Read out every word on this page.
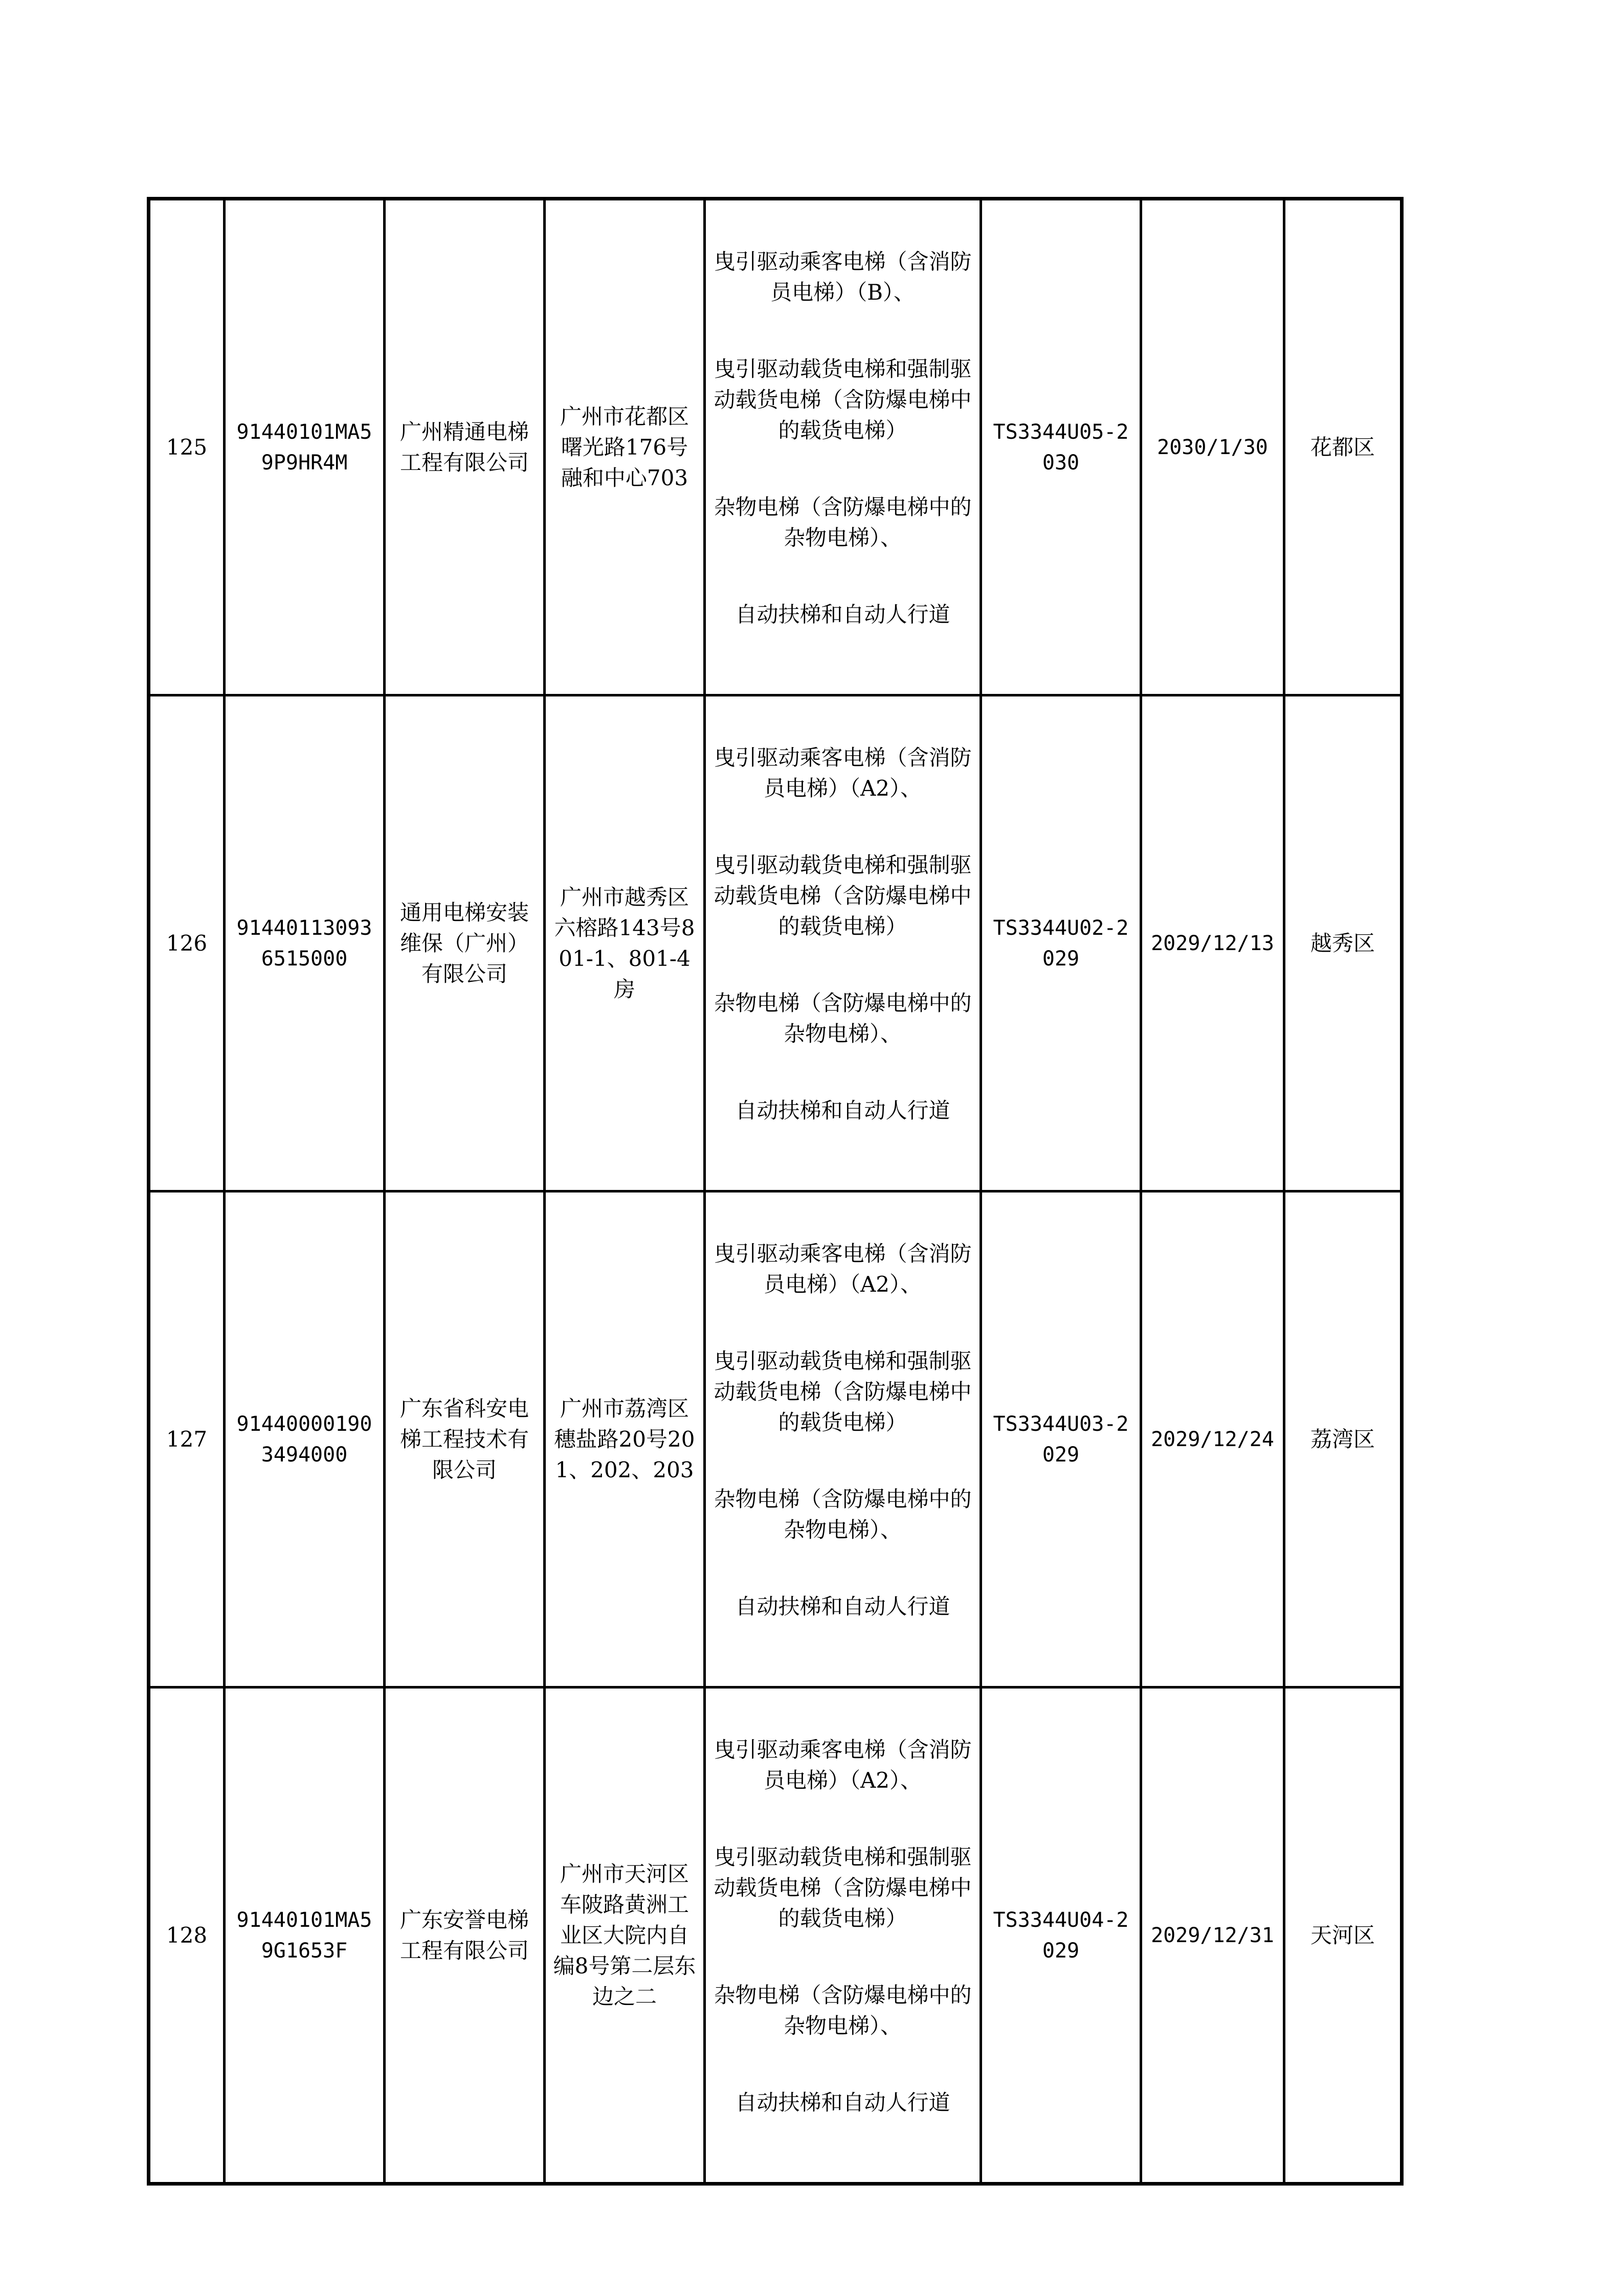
125	91440101MA59P9HR4M	广州精通电梯工程有限公司	广州市花都区曙光路176号融和中心703	曳引驱动乘客电梯（含消防员电梯）（B）、
曳引驱动载货电梯和强制驱动载货电梯（含防爆电梯中的载货电梯）
杂物电梯（含防爆电梯中的杂物电梯）、
自动扶梯和自动人行道	TS3344U05-2030	2030/1/30	花都区
126	914401130936515000	通用电梯安装维保（广州）有限公司	广州市越秀区六榕路143号801-1、801-4房	曳引驱动乘客电梯（含消防员电梯）（A2）、
曳引驱动载货电梯和强制驱动载货电梯（含防爆电梯中的载货电梯）
杂物电梯（含防爆电梯中的杂物电梯）、
自动扶梯和自动人行道	TS3344U02-2029	2029/12/13	越秀区
127	914400001903494000	广东省科安电梯工程技术有限公司	广州市荔湾区穗盐路20号201、202、203	曳引驱动乘客电梯（含消防员电梯）（A2）、
曳引驱动载货电梯和强制驱动载货电梯（含防爆电梯中的载货电梯）
杂物电梯（含防爆电梯中的杂物电梯）、
自动扶梯和自动人行道	TS3344U03-2029	2029/12/24	荔湾区
128	91440101MA59G1653F	广东安誉电梯工程有限公司	广州市天河区车陂路黄洲工业区大院内自编8号第二层东边之二	曳引驱动乘客电梯（含消防员电梯）（A2）、
曳引驱动载货电梯和强制驱动载货电梯（含防爆电梯中的载货电梯）
杂物电梯（含防爆电梯中的杂物电梯）、
自动扶梯和自动人行道	TS3344U04-2029	2029/12/31	天河区
